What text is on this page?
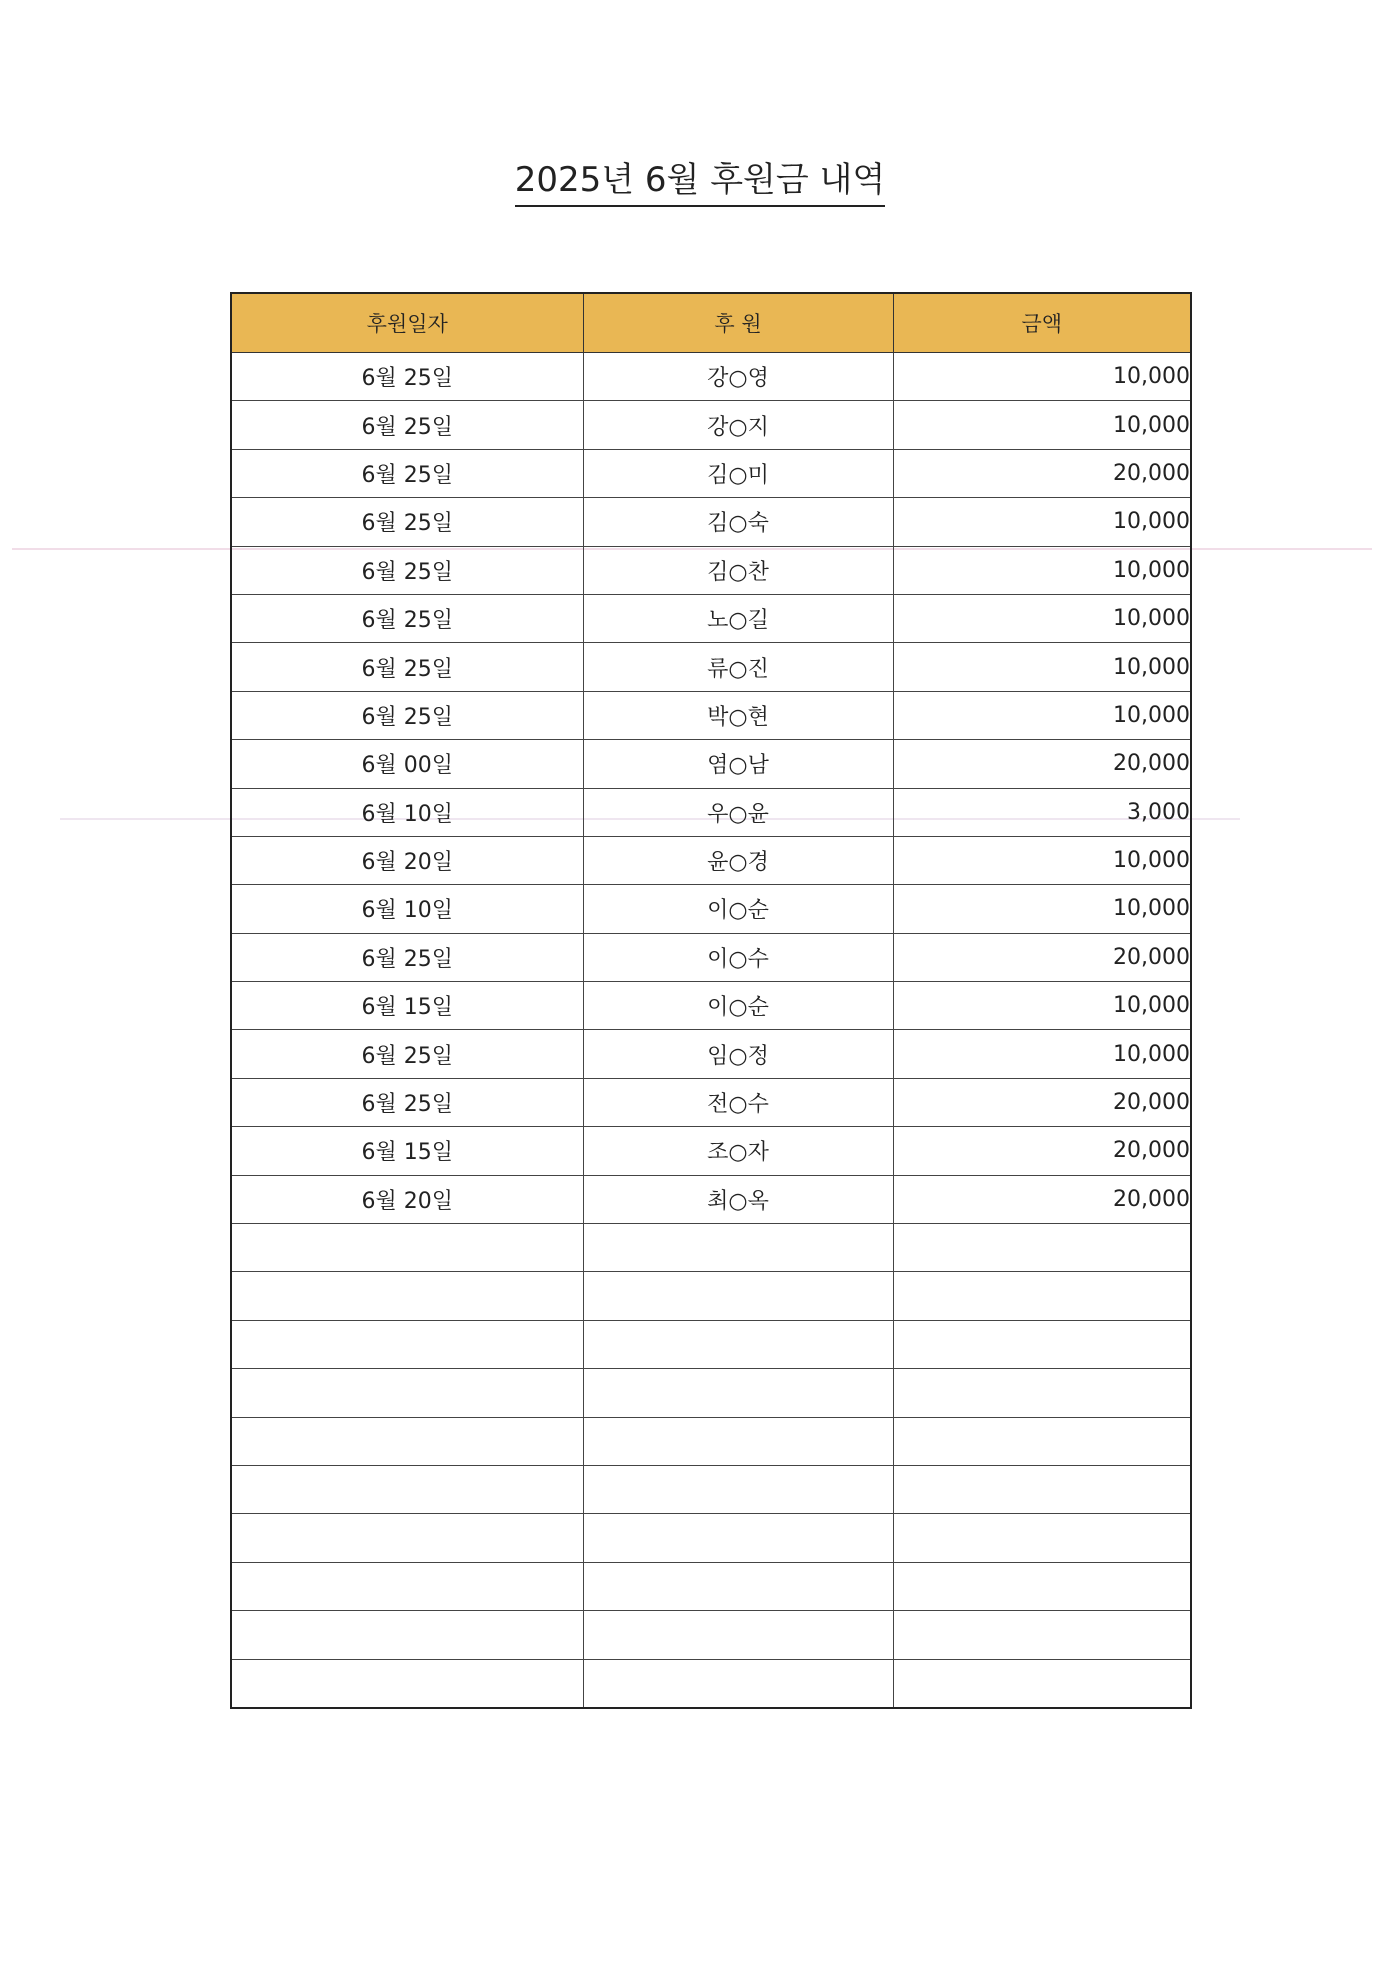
2025년 6월 후원금 내역
후원일자	후 원	금액
6월 25일	강○영	10,000
6월 25일	강○지	10,000
6월 25일	김○미	20,000
6월 25일	김○숙	10,000
6월 25일	김○찬	10,000
6월 25일	노○길	10,000
6월 25일	류○진	10,000
6월 25일	박○현	10,000
6월 00일	염○남	20,000
6월 10일	우○윤	3,000
6월 20일	윤○경	10,000
6월 10일	이○순	10,000
6월 25일	이○수	20,000
6월 15일	이○순	10,000
6월 25일	임○정	10,000
6월 25일	전○수	20,000
6월 15일	조○자	20,000
6월 20일	최○옥	20,000
